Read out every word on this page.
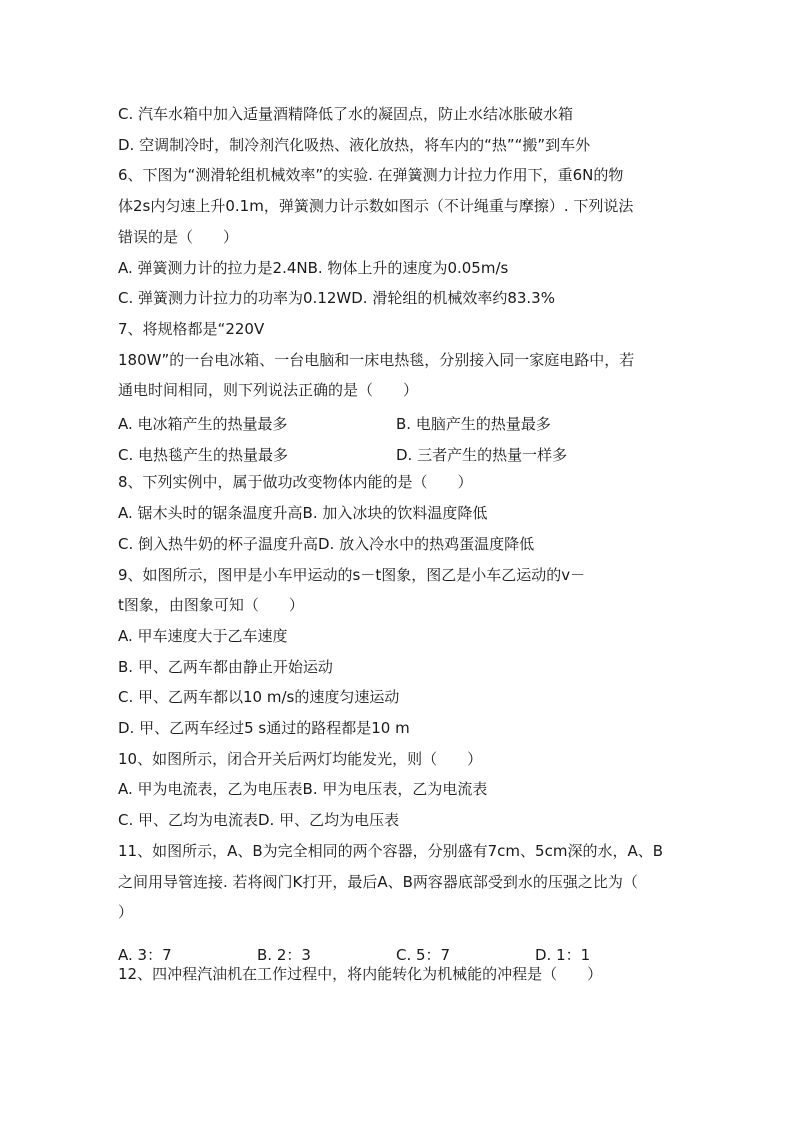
C. 汽车水箱中加入适量酒精降低了水的凝固点，防止水结冰胀破水箱
D. 空调制冷时，制冷剂汽化吸热、液化放热，将车内的“热”“搬”到车外
6、下图为“测滑轮组机械效率”的实验. 在弹簧测力计拉力作用下，重6N的物
体2s内匀速上升0.1m，弹簧测力计示数如图示（不计绳重与摩擦）. 下列说法
错误的是（　　）
A. 弹簧测力计的拉力是2.4NB. 物体上升的速度为0.05m/s
C. 弹簧测力计拉力的功率为0.12WD. 滑轮组的机械效率约83.3%
7、将规格都是“220V
180W”的一台电冰箱、一台电脑和一床电热毯，分别接入同一家庭电路中，若
通电时间相同，则下列说法正确的是（　　）
8、下列实例中，属于做功改变物体内能的是（　　）
A. 锯木头时的锯条温度升高B. 加入冰块的饮料温度降低
C. 倒入热牛奶的杯子温度升高D. 放入冷水中的热鸡蛋温度降低
9、如图所示，图甲是小车甲运动的s－t图象，图乙是小车乙运动的v－
t图象，由图象可知（　　）
A. 甲车速度大于乙车速度
B. 甲、乙两车都由静止开始运动
C. 甲、乙两车都以10 m/s的速度匀速运动
D. 甲、乙两车经过5 s通过的路程都是10 m
10、如图所示，闭合开关后两灯均能发光，则（　　）
A. 甲为电流表，乙为电压表B. 甲为电压表，乙为电流表
C. 甲、乙均为电流表D. 甲、乙均为电压表
11、如图所示，A、B为完全相同的两个容器，分别盛有7cm、5cm深的水，A、B
之间用导管连接. 若将阀门K打开，最后A、B两容器底部受到水的压强之比为（
）
12、四冲程汽油机在工作过程中，将内能转化为机械能的冲程是（　　）
A. 电冰箱产生的热量最多	B. 电脑产生的热量最多
C. 电热毯产生的热量最多	D. 三者产生的热量一样多
A. 3：7	B. 2：3	C. 5：7	D. 1：1
